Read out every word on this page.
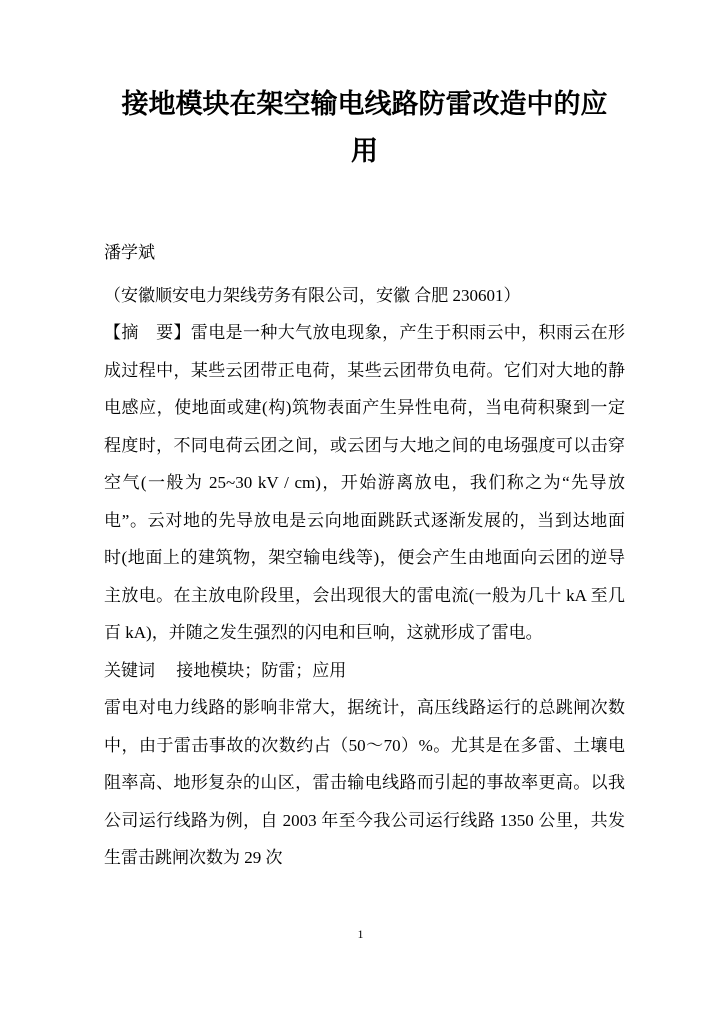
接地模块在架空输电线路防雷改造中的应
用
潘学斌
（安徽顺安电力架线劳务有限公司，安徽 合肥 230601）
【摘　要】雷电是一种大气放电现象，产生于积雨云中，积雨云在形
成过程中，某些云团带正电荷，某些云团带负电荷。它们对大地的静
电感应，使地面或建(构)筑物表面产生异性电荷，当电荷积聚到一定
程度时，不同电荷云团之间，或云团与大地之间的电场强度可以击穿
空气(一般为 25~30 kV / cm)，开始游离放电，我们称之为“先导放
电”。云对地的先导放电是云向地面跳跃式逐渐发展的，当到达地面
时(地面上的建筑物，架空输电线等)，便会产生由地面向云团的逆导
主放电。在主放电阶段里，会出现很大的雷电流(一般为几十 kA 至几
百 kA)，并随之发生强烈的闪电和巨响，这就形成了雷电。
关键词　 接地模块；防雷；应用
雷电对电力线路的影响非常大，据统计，高压线路运行的总跳闸次数
中，由于雷击事故的次数约占（50～70）%。尤其是在多雷、土壤电
阻率高、地形复杂的山区，雷击输电线路而引起的事故率更高。以我
公司运行线路为例，自 2003 年至今我公司运行线路 1350 公里，共发
生雷击跳闸次数为 29 次
1
